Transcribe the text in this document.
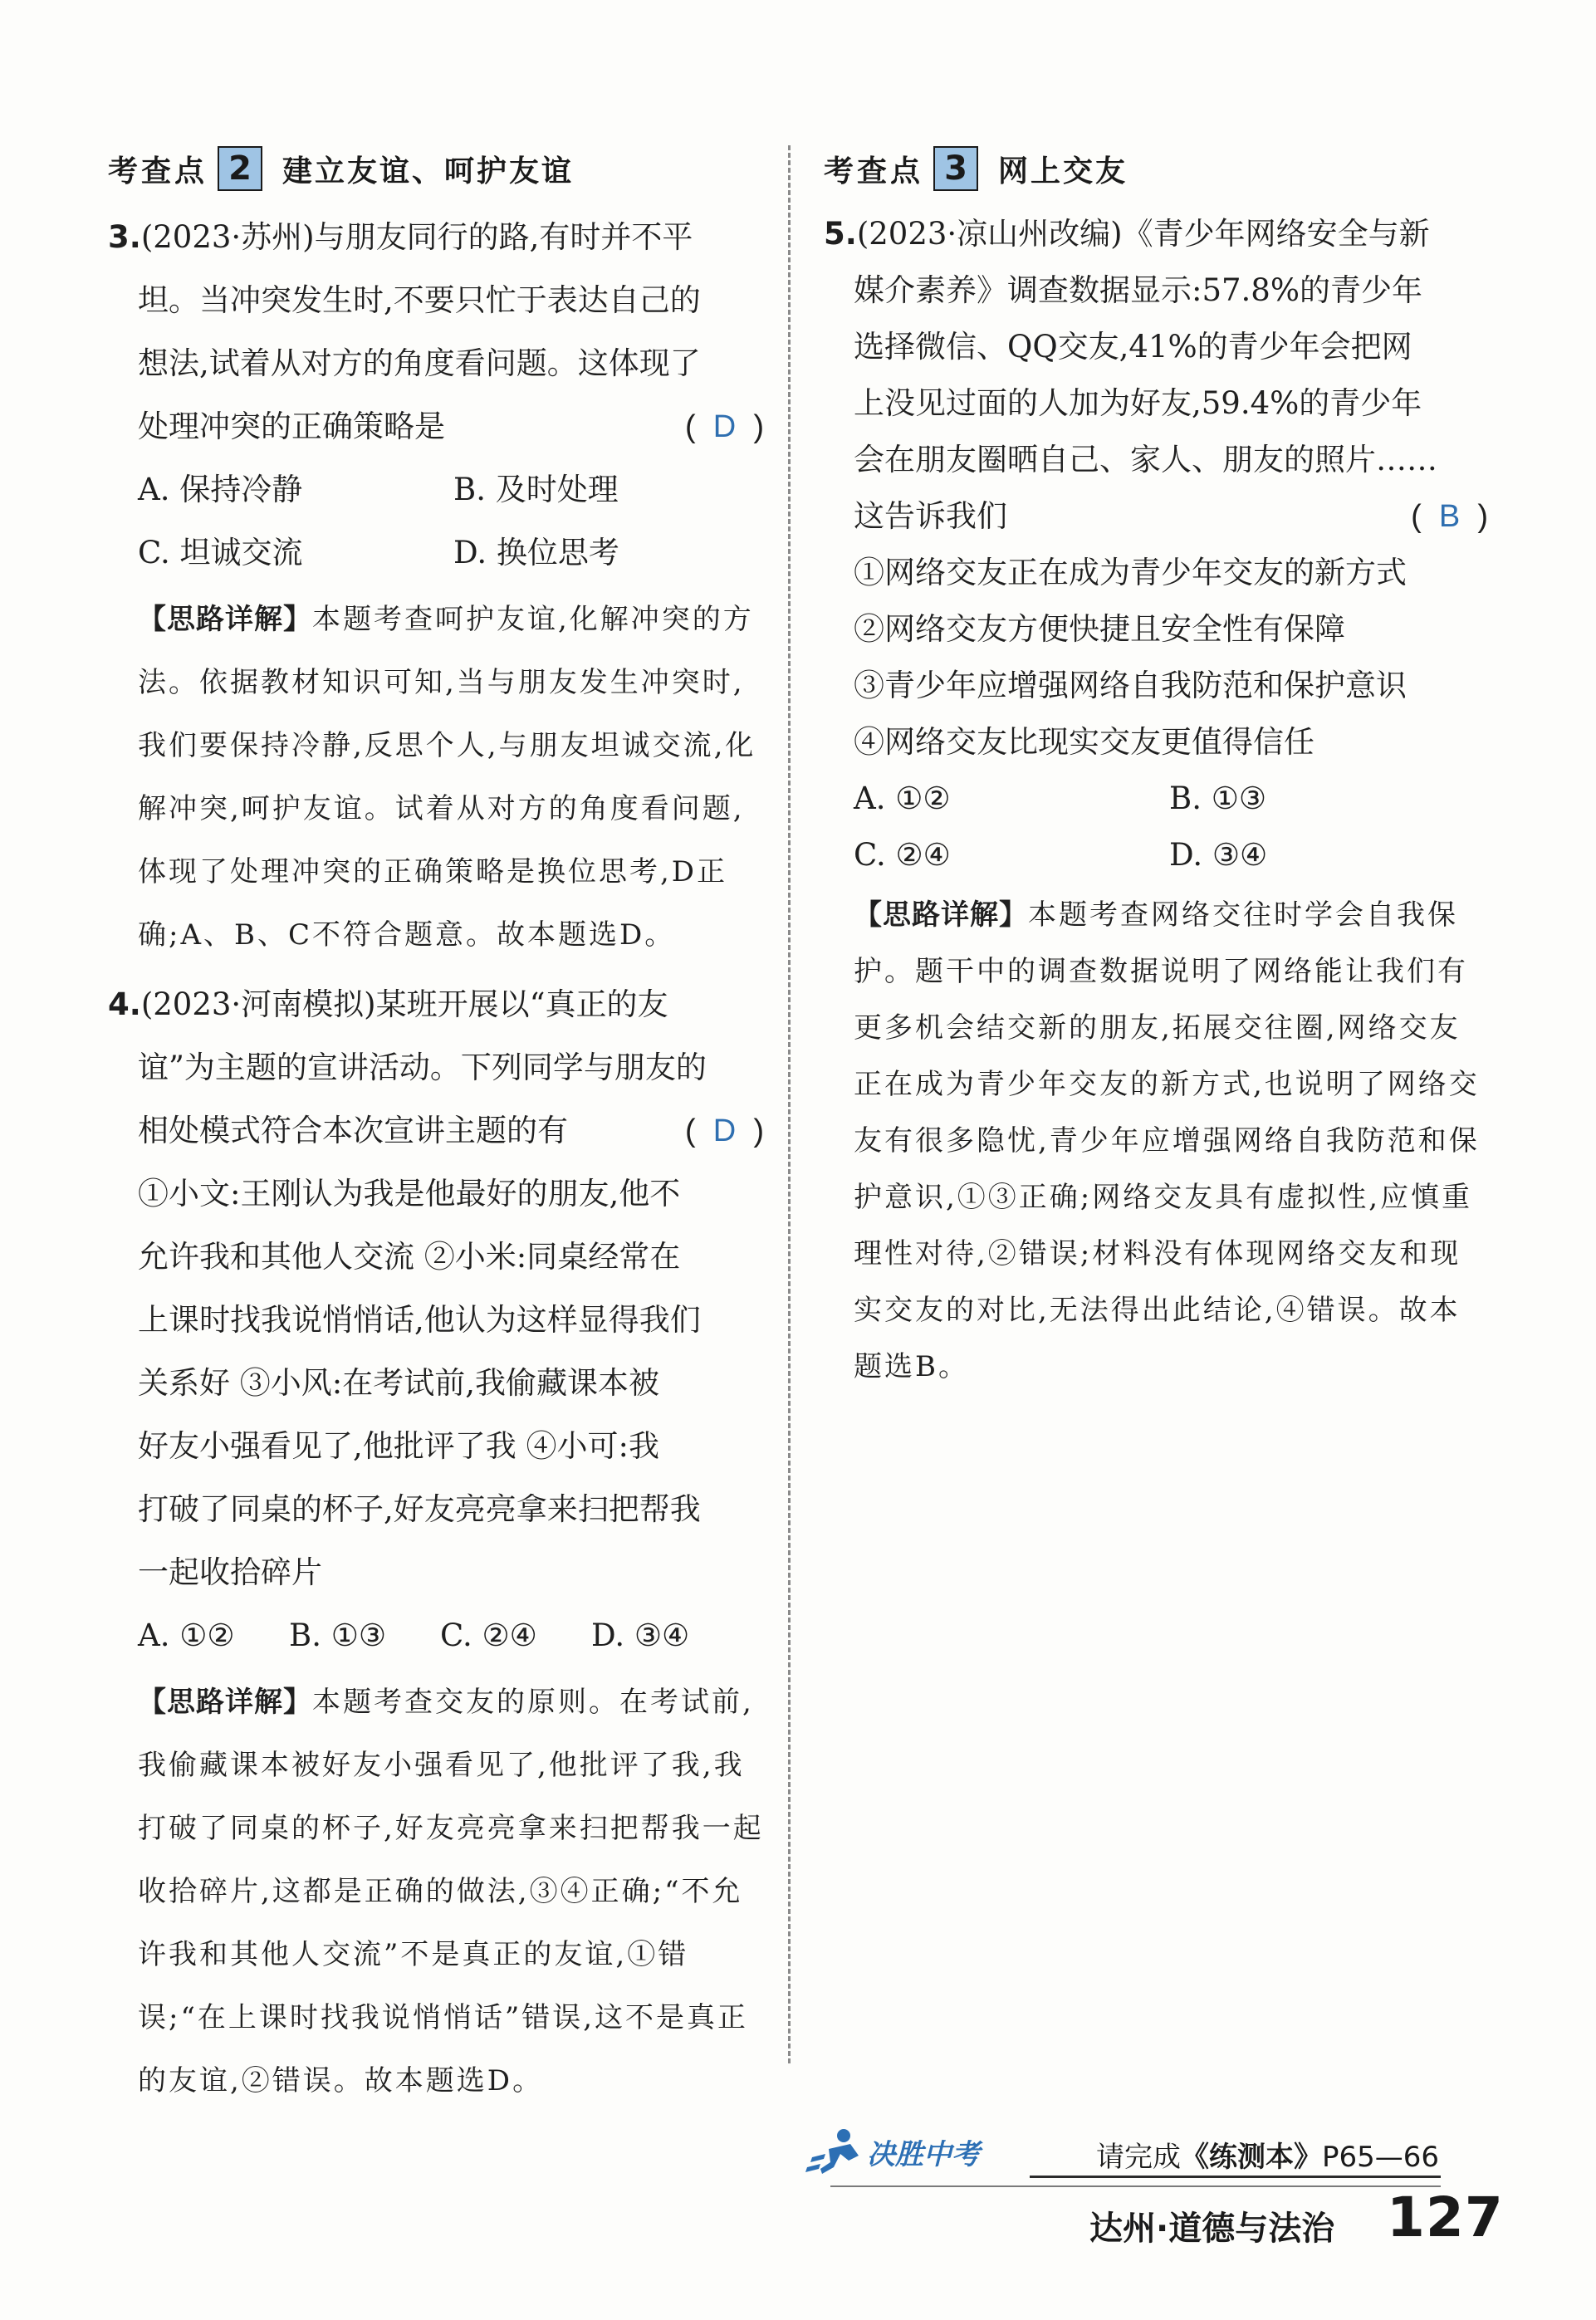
考查点 2	建立友谊、呵护友谊	考查点 3	网上交友
3.(2023·苏州)与朋友同行的路,有时并不平
坦。当冲突发生时,不要只忙于表达自己的
想法,试着从对方的角度看问题。这体现了
处理冲突的正确策略是	( D )
A. 保持冷静	B. 及时处理
C. 坦诚交流	D. 换位思考
【思路详解】本题考查呵护友谊,化解冲突的方法。依据教材知识可知,当与朋友发生冲突时,我们要保持冷静,反思个人,与朋友坦诚交流,化解冲突,呵护友谊。试着从对方的角度看问题,体现了处理冲突的正确策略是换位思考,D正确;A、B、C不符合题意。故本题选D。
4.(2023·河南模拟)某班开展以“真正的友
谊”为主题的宣讲活动。下列同学与朋友的
相处模式符合本次宣讲主题的有	( D )
①小文:王刚认为我是他最好的朋友,他不
允许我和其他人交流 ②小米:同桌经常在
上课时找我说悄悄话,他认为这样显得我们
关系好 ③小风:在考试前,我偷藏课本被
好友小强看见了,他批评了我 ④小可:我
打破了同桌的杯子,好友亮亮拿来扫把帮我
一起收拾碎片
A. ①②	B. ①③	C. ②④	D. ③④
【思路详解】本题考查交友的原则。在考试前,我偷藏课本被好友小强看见了,他批评了我,我打破了同桌的杯子,好友亮亮拿来扫把帮我一起收拾碎片,这都是正确的做法,③④正确;“不允许我和其他人交流”不是真正的友谊,①错误;“在上课时找我说悄悄话”错误,这不是真正的友谊,②错误。故本题选D。
5.(2023·凉山州改编)《青少年网络安全与新
媒介素养》调查数据显示:57.8%的青少年
选择微信、QQ交友,41%的青少年会把网
上没见过面的人加为好友,59.4%的青少年
会在朋友圈晒自己、家人、朋友的照片……
这告诉我们	( B )
①网络交友正在成为青少年交友的新方式
②网络交友方便快捷且安全性有保障
③青少年应增强网络自我防范和保护意识
④网络交友比现实交友更值得信任
A. ①②	B. ①③
C. ②④	D. ③④
【思路详解】本题考查网络交往时学会自我保护。题干中的调查数据说明了网络能让我们有更多机会结交新的朋友,拓展交往圈,网络交友正在成为青少年交友的新方式,也说明了网络交友有很多隐忧,青少年应增强网络自我防范和保护意识,①③正确;网络交友具有虚拟性,应慎重理性对待,②错误;材料没有体现网络交友和现实交友的对比,无法得出此结论,④错误。故本题选B。
决胜中考	请完成《练测本》P65—66
达州·道德与法治 127
